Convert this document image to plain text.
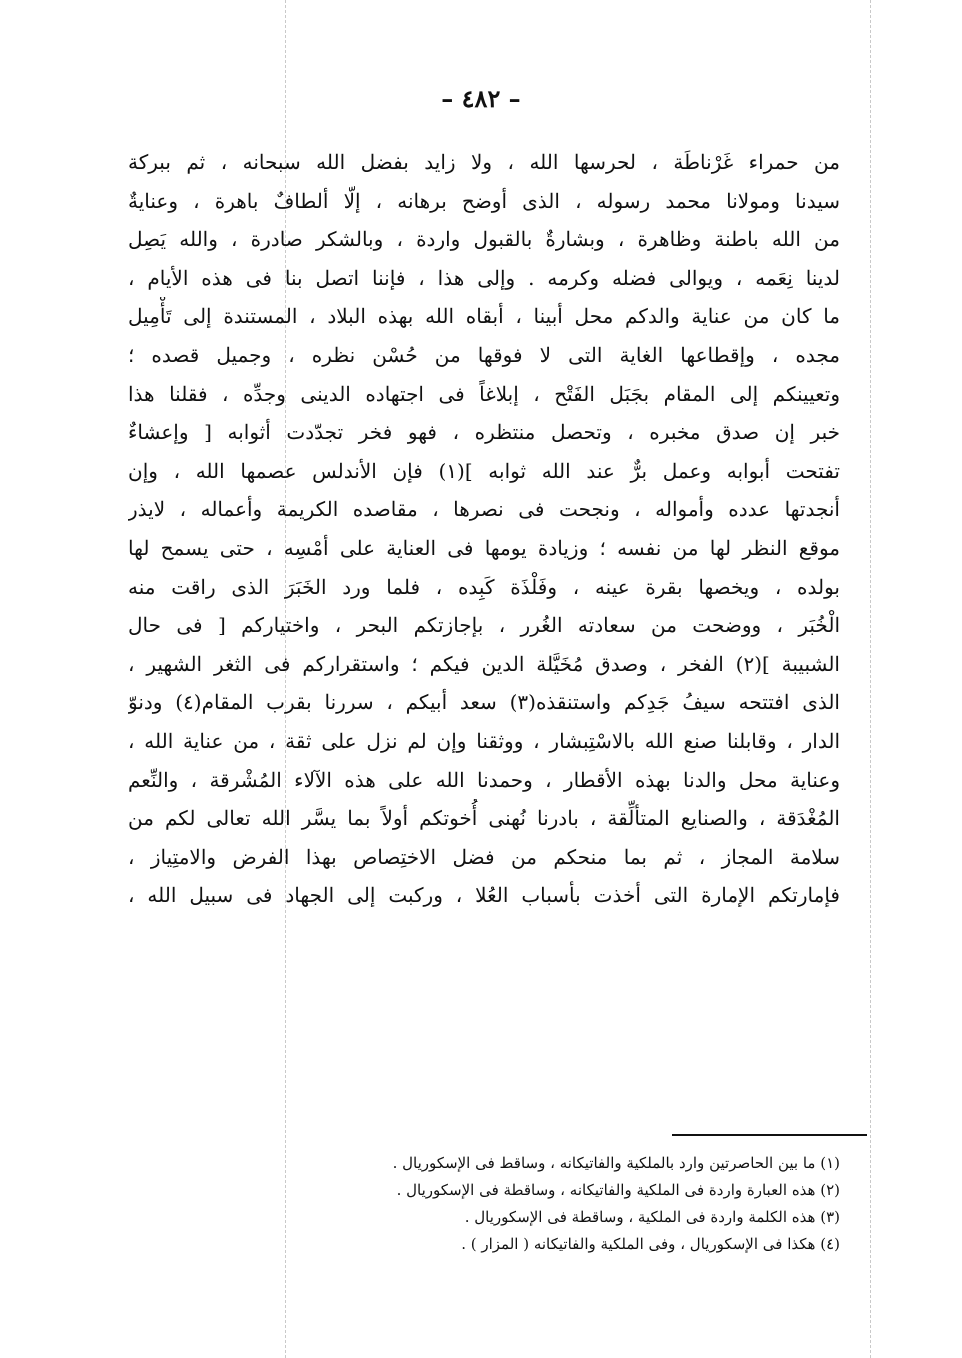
– ٤٨٢ –
من حمراء غَرْناطَة ، لحرسها الله ، ولا زايد بفضل الله سبحانه ، ثم ببركة
سيدنا ومولانا محمد رسوله ، الذى أوضح برهانه ، إلّا ألطافٌ باهرة ، وعنايةٌ
من الله باطنة وظاهرة ، وبشارةٌ بالقبول واردة ، وبالشكر صادرة ، والله يَصِل
لدينا نِعَمه ، ويوالى فضله وكرمه . وإلى هذا ، فإننا اتصل بنا فى هذه الأيام ،
ما كان من عناية والدكم محل أبينا ، أبقاه الله بهذه البلاد ، المستندة إلى تَأْمِيل
مجده ، وإقطاعها الغاية التى لا فوقها من حُسْن نظره ، وجميل قصده ؛
وتعيينكم إلى المقام بجَبَل الفَتْح ، إبلاغاً فى اجتهاده الدينى وجدِّه ، فقلنا هذا
خبر إن صدق مخبره ، وتحصل منتظره ، فهو فخر تجدّدت أثوابه [ وإعشاءٌ
تفتحت أبوابه وعمل برٌّ عند الله ثوابه ](١) فإن الأندلس عصمها الله ، وإن
أنجدتها عدده وأمواله ، ونجحت فى نصرها ، مقاصده الكريمة وأعماله ، لايذر
موقع النظر لها من نفسه ؛ وزيادة يومها فى العناية على أمْسِه ، حتى يسمح لها
بولده ، ويخصها بقرة عينه ، وفَلْذَة كَبِده ، فلما ورد الخَبَرَ الذى راقت منه
الْخُبَر ، ووضحت من سعادته الغُرر ، بإجازتكم البحر ، واختياركم [ فى حال
الشبيبة ](٢) الفخر ، وصدق مُخَيَّلة الدين فيكم ؛ واستقراركم فى الثغر الشهير ،
الذى افتتحه سيفُ جَدِكم واستنقذه(٣) سعد أبيكم ، سررنا بقرب المقام(٤) ودنوّ
الدار ، وقابلنا صنع الله بالاسْتِبشار ، ووثقنا وإن لم نزل على ثقة ، من عناية الله ،
وعناية محل والدنا بهذه الأقطار ، وحمدنا الله على هذه الآلاء المُشْرقة ، والنِّعم
المُغْدَقة ، والصنايع المتألِّقة ، بادرنا نُهنى أُخوتكم أولاً بما يسَّر الله تعالى لكم من
سلامة المجاز ، ثم بما منحكم من فضل الاختِصاص بهذا الفرض والامتِياز ،
فإمارتكم الإمارة التى أخذت بأسباب العُلا ، وركبت إلى الجهاد فى سبيل الله ،
(١) ما بين الحاصرتين وارد بالملكية والفاتيكانه ، وساقط فى الإسكوريال .
(٢) هذه العبارة واردة فى الملكية والفاتيكانه ، وساقطة فى الإسكوريال .
(٣) هذه الكلمة واردة فى الملكية ، وساقطة فى الإسكوريال .
(٤) هكذا فى الإسكوريال ، وفى الملكية والفاتيكانه ( المزار ) .
